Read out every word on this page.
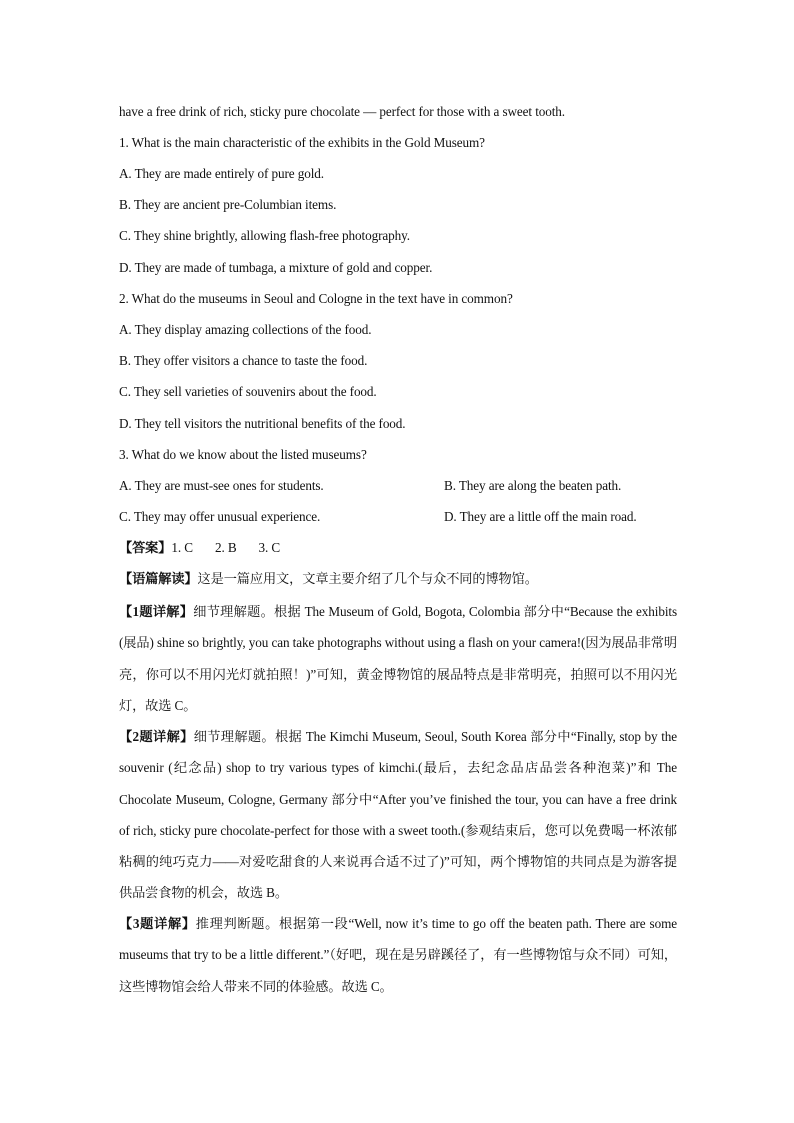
have a free drink of rich, sticky pure chocolate — perfect for those with a sweet tooth.
1. What is the main characteristic of the exhibits in the Gold Museum?
A. They are made entirely of pure gold.
B. They are ancient pre-Columbian items.
C. They shine brightly, allowing flash-free photography.
D. They are made of tumbaga, a mixture of gold and copper.
2. What do the museums in Seoul and Cologne in the text have in common?
A. They display amazing collections of the food.
B. They offer visitors a chance to taste the food.
C. They sell varieties of souvenirs about the food.
D. They tell visitors the nutritional benefits of the food.
3. What do we know about the listed museums?
A. They are must-see ones for students.	B. They are along the beaten path.
C. They may offer unusual experience.	D. They are a little off the main road.
【答案】1. C 2. B 3. C
【语篇解读】这是一篇应用文，文章主要介绍了几个与众不同的博物馆。
【1题详解】细节理解题。根据 The Museum of Gold, Bogota, Colombia 部分中“Because the exhibits (展品) shine so brightly, you can take photographs without using a flash on your camera!(因为展品非常明亮，你可以不用闪光灯就拍照！)”可知，黄金博物馆的展品特点是非常明亮，拍照可以不用闪光灯，故选 C。
【2题详解】细节理解题。根据 The Kimchi Museum, Seoul, South Korea 部分中“Finally, stop by the souvenir (纪念品) shop to try various types of kimchi.(最后，去纪念品店品尝各种泡菜)”和 The Chocolate Museum, Cologne, Germany 部分中“After you’ve finished the tour, you can have a free drink of rich, sticky pure chocolate-perfect for those with a sweet tooth.(参观结束后，您可以免费喝一杯浓郁粘稠的纯巧克力——对爱吃甜食的人来说再合适不过了)”可知，两个博物馆的共同点是为游客提供品尝食物的机会，故选 B。
【3题详解】推理判断题。根据第一段“Well, now it’s time to go off the beaten path. There are some museums that try to be a little different.”（好吧，现在是另辟蹊径了，有一些博物馆与众不同）可知，这些博物馆会给人带来不同的体验感。故选 C。
